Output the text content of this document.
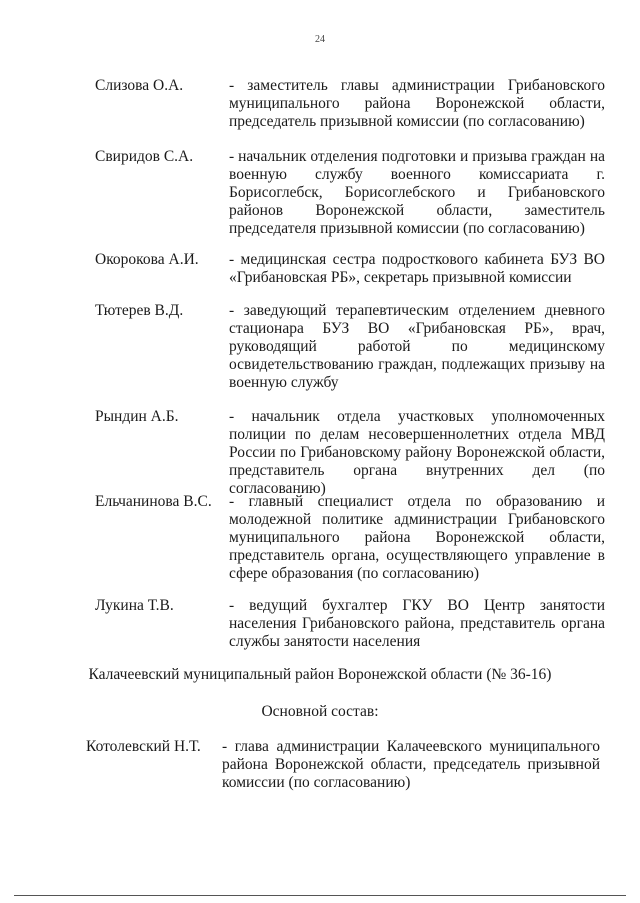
24
Слизова О.А.	- заместитель главы администрации Грибановского муниципального района Воронежской области, председатель призывной комиссии (по согласованию)
Свиридов С.А. - начальник отделения подготовки и призыва граждан на военную службу военного комиссариата г. Борисоглебск, Борисоглебского и Грибановского районов Воронежской области, заместитель председателя призывной комиссии (по согласованию)
Окорокова А.И. - медицинская сестра подросткового кабинета БУЗ ВО «Грибановская РБ», секретарь призывной комиссии
Тютерев В.Д.	- заведующий терапевтическим отделением дневного стационара БУЗ ВО «Грибановская РБ», врач, руководящий работой по медицинскому освидетельствованию граждан, подлежащих призыву на военную службу
Рындин А.Б.	- начальник отдела участковых уполномоченных полиции по делам несовершеннолетних отдела МВД России по Грибановскому району Воронежской области, представитель органа внутренних дел (по согласованию)
Ельчанинова В.С. - главный специалист отдела по образованию и молодежной политике администрации Грибановского муниципального района Воронежской области, представитель органа, осуществляющего управление в сфере образования (по согласованию)
Лукина Т.В.	- ведущий бухгалтер ГКУ ВО Центр занятости населения Грибановского района, представитель органа службы занятости населения
Калачеевский муниципальный район Воронежской области (№ 36-16)
Основной состав:
Котолевский Н.Т. - глава администрации Калачеевского муниципального района Воронежской области, председатель призывной комиссии (по согласованию)
